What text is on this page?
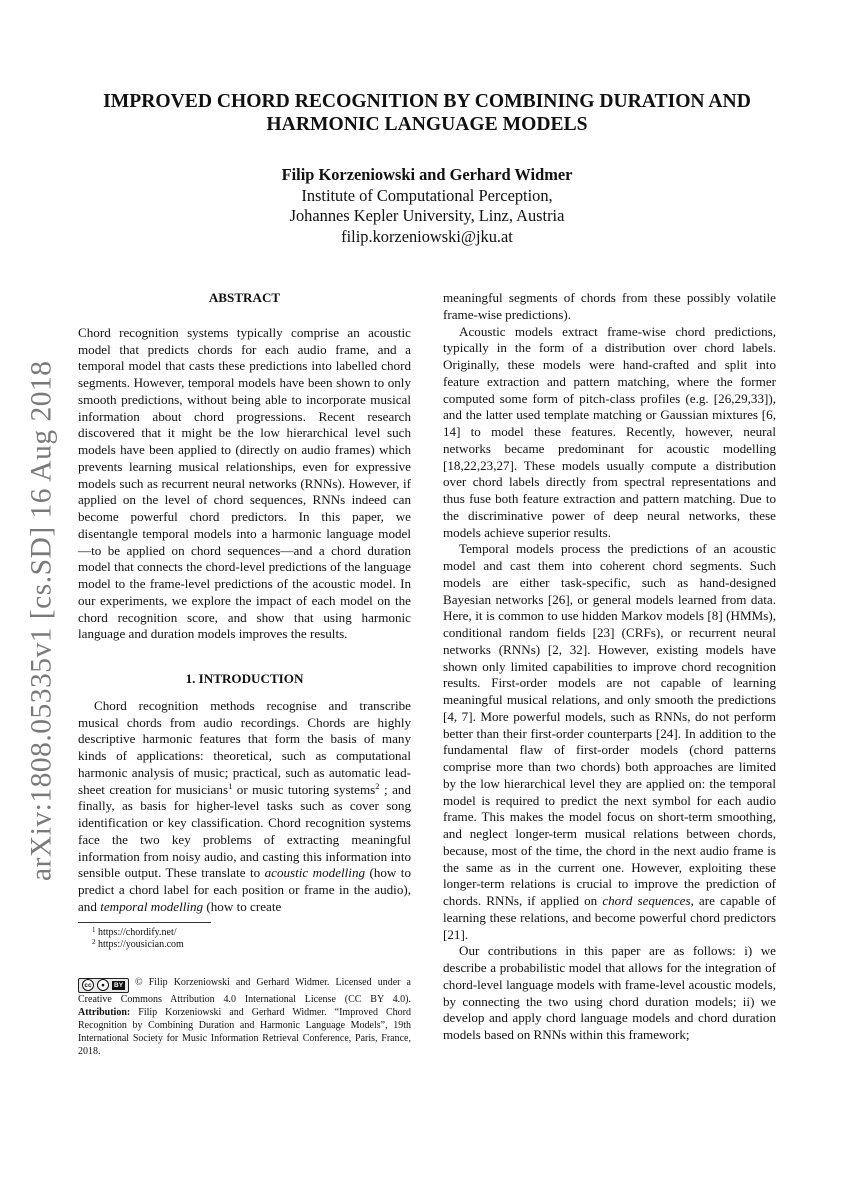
arXiv:1808.05335v1 [cs.SD] 16 Aug 2018
IMPROVED CHORD RECOGNITION BY COMBINING DURATION AND HARMONIC LANGUAGE MODELS
Filip Korzeniowski and Gerhard Widmer
Institute of Computational Perception,
Johannes Kepler University, Linz, Austria
filip.korzeniowski@jku.at
ABSTRACT

Chord recognition systems typically comprise an acoustic model that predicts chords for each audio frame, and a temporal model that casts these predictions into labelled chord segments. However, temporal models have been shown to only smooth predictions, without being able to incorporate musical information about chord progressions. Recent research discovered that it might be the low hierarchical level such models have been applied to (directly on audio frames) which prevents learning musical relationships, even for expressive models such as recurrent neural networks (RNNs). However, if applied on the level of chord sequences, RNNs indeed can become powerful chord predictors. In this paper, we disentangle temporal models into a harmonic language model—to be applied on chord sequences—and a chord duration model that connects the chord-level predictions of the language model to the frame-level predictions of the acoustic model. In our experiments, we explore the impact of each model on the chord recognition score, and show that using harmonic language and duration models improves the results.

1. INTRODUCTION

Chord recognition methods recognise and transcribe musical chords from audio recordings. Chords are highly descriptive harmonic features that form the basis of many kinds of applications: theoretical, such as computational harmonic analysis of music; practical, such as automatic lead-sheet creation for musicians$^1$ or music tutoring systems$^2$ ; and finally, as basis for higher-level tasks such as cover song identification or key classification. Chord recognition systems face the two key problems of extracting meaningful information from noisy audio, and casting this information into sensible output. These translate to acoustic modelling (how to predict a chord label for each position or frame in the audio), and temporal modelling (how to create

$^1$ https://chordify.net/
$^2$ https://yousician.com
cc	●	BY © Filip Korzeniowski and Gerhard Widmer. Licensed under a Creative Commons Attribution 4.0 International License (CC BY 4.0). Attribution: Filip Korzeniowski and Gerhard Widmer. “Improved Chord Recognition by Combining Duration and Harmonic Language Models”, 19th International Society for Music Information Retrieval Conference, Paris, France, 2018.

meaningful segments of chords from these possibly volatile frame-wise predictions).

Acoustic models extract frame-wise chord predictions, typically in the form of a distribution over chord labels. Originally, these models were hand-crafted and split into feature extraction and pattern matching, where the former computed some form of pitch-class profiles (e.g. [26,29,33]), and the latter used template matching or Gaussian mixtures [6, 14] to model these features. Recently, however, neural networks became predominant for acoustic modelling [18,22,23,27]. These models usually compute a distribution over chord labels directly from spectral representations and thus fuse both feature extraction and pattern matching. Due to the discriminative power of deep neural networks, these models achieve superior results.

Temporal models process the predictions of an acoustic model and cast them into coherent chord segments. Such models are either task-specific, such as hand-designed Bayesian networks [26], or general models learned from data. Here, it is common to use hidden Markov models [8] (HMMs), conditional random fields [23] (CRFs), or recurrent neural networks (RNNs) [2, 32]. However, existing models have shown only limited capabilities to improve chord recognition results. First-order models are not capable of learning meaningful musical relations, and only smooth the predictions [4, 7]. More powerful models, such as RNNs, do not perform better than their first-order counterparts [24]. In addition to the fundamental flaw of first-order models (chord patterns comprise more than two chords) both approaches are limited by the low hierarchical level they are applied on: the temporal model is required to predict the next symbol for each audio frame. This makes the model focus on short-term smoothing, and neglect longer-term musical relations between chords, because, most of the time, the chord in the next audio frame is the same as in the current one. However, exploiting these longer-term relations is crucial to improve the prediction of chords. RNNs, if applied on chord sequences, are capable of learning these relations, and become powerful chord predictors [21].

Our contributions in this paper are as follows: i) we describe a probabilistic model that allows for the integration of chord-level language models with frame-level acoustic models, by connecting the two using chord duration models; ii) we develop and apply chord language models and chord duration models based on RNNs within this framework;
